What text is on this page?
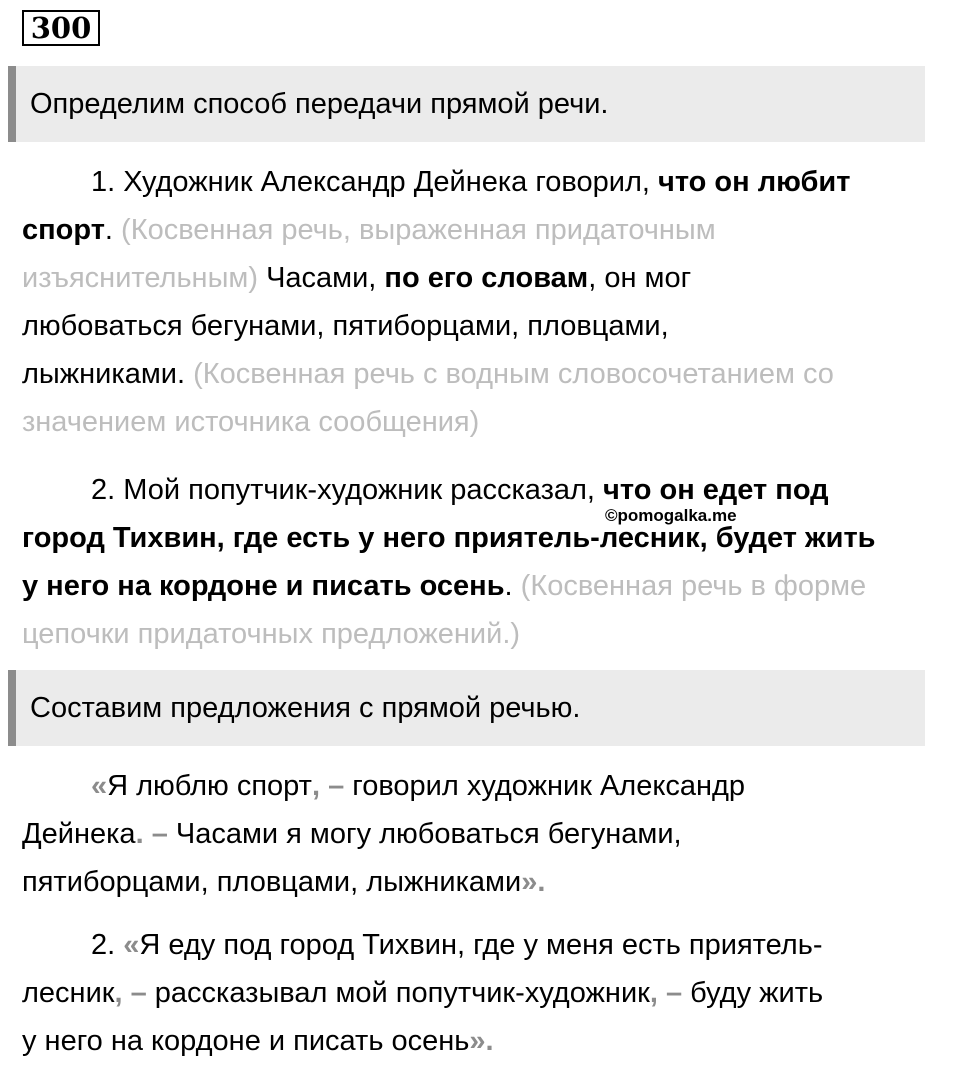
300
Определим способ передачи прямой речи.

1. Художник Александр Дейнека говорил, что он любит
спорт. (Косвенная речь, выраженная придаточным
изъяснительным) Часами, по его словам, он мог
любоваться бегунами, пятиборцами, пловцами,
лыжниками. (Косвенная речь с водным словосочетанием со
значением источника сообщения)

2. Мой попутчик-художник рассказал, что он едет под
город Тихвин, где есть у него приятель-лесник, будет жить
у него на кордоне и писать осень. (Косвенная речь в форме
цепочки придаточных предложений.)

©pomogalka.me
Составим предложения с прямой речью.

«Я люблю спорт, – говорил художник Александр
Дейнека. – Часами я могу любоваться бегунами,
пятиборцами, пловцами, лыжниками».

2. «Я еду под город Тихвин, где у меня есть приятель-
лесник, – рассказывал мой попутчик-художник, – буду жить
у него на кордоне и писать осень».
